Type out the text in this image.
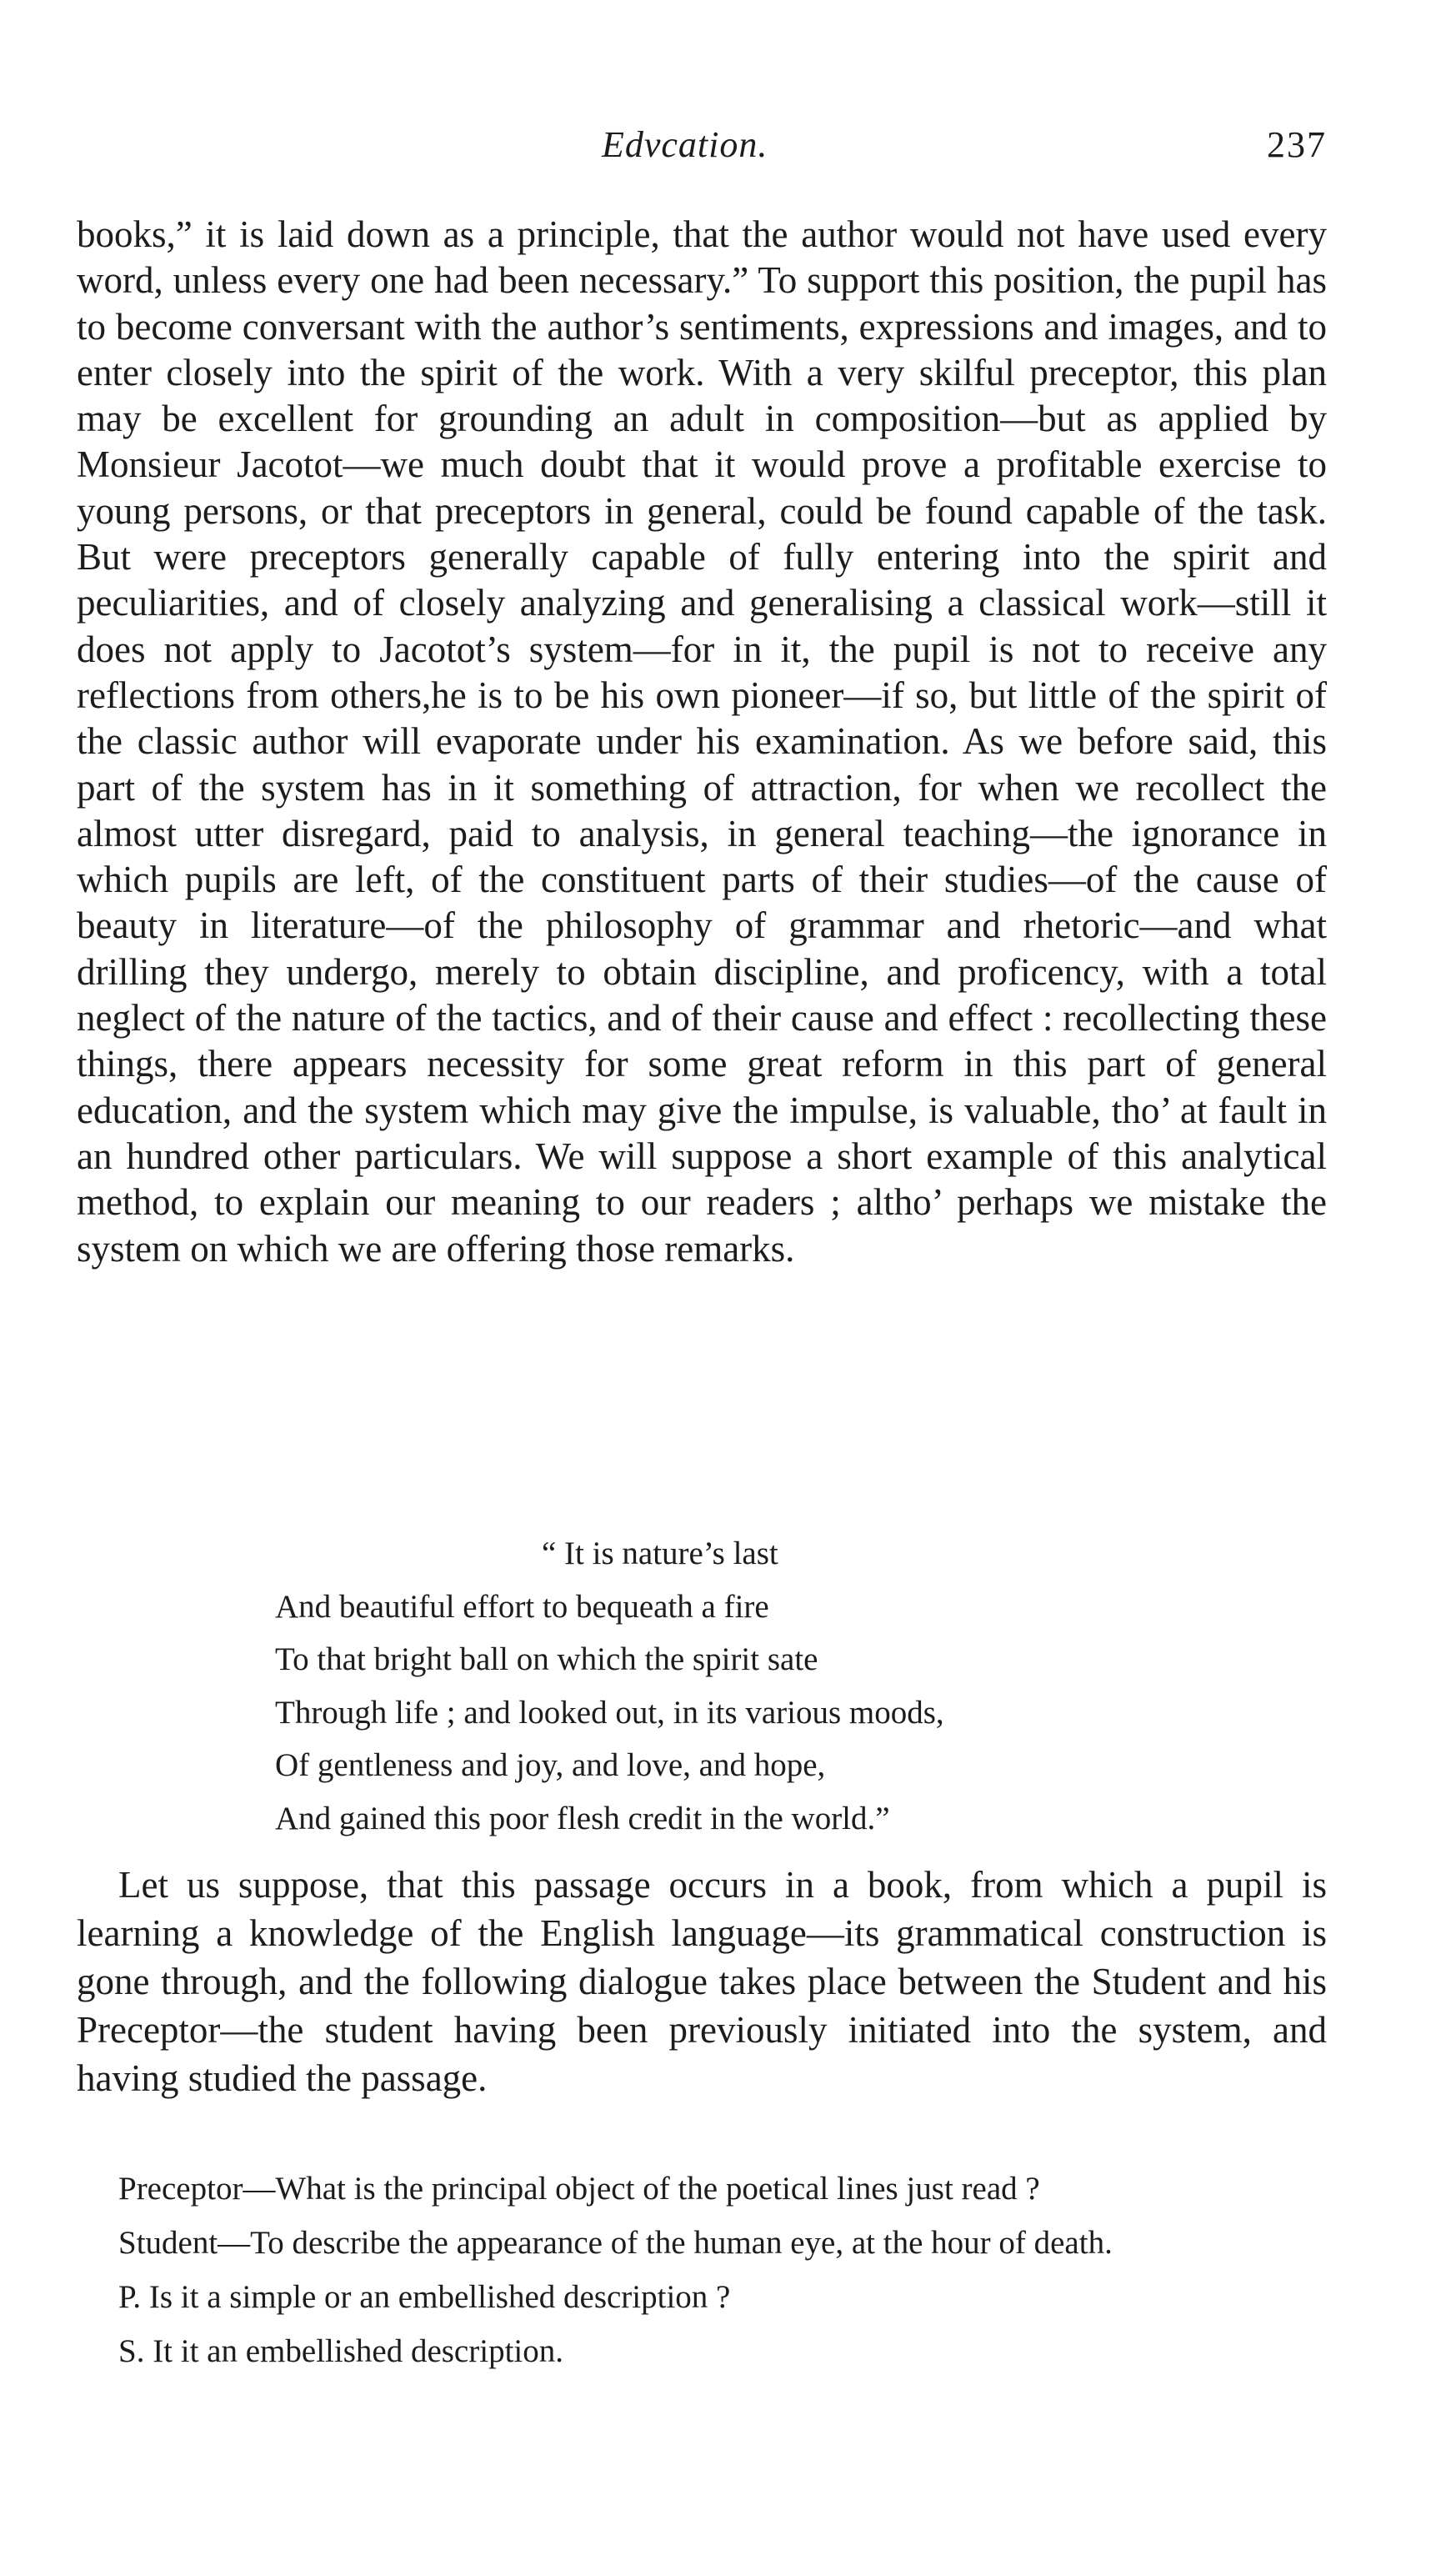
Edvcation.	237

books,” it is laid down as a principle, that the author would not have used every word, unless every one had been necessary.” To support this position, the pupil has to become conversant with the author’s sentiments, expressions and images, and to enter closely into the spirit of the work. With a very skilful preceptor, this plan may be excellent for grounding an adult in composition—but as applied by Monsieur Jacotot—we much doubt that it would prove a profitable exercise to young persons, or that preceptors in general, could be found capable of the task. But were preceptors generally capable of fully entering into the spirit and peculiarities, and of closely analyzing and generalising a classical work—still it does not apply to Jacotot’s system—for in it, the pupil is not to receive any reflections from others,he is to be his own pioneer—if so, but little of the spirit of the classic author will evaporate under his examination. As we before said, this part of the system has in it something of attraction, for when we recollect the almost utter disregard, paid to analysis, in general teaching—the ignorance in which pupils are left, of the constituent parts of their studies—of the cause of beauty in literature—of the philosophy of grammar and rhetoric—and what drilling they undergo, merely to obtain discipline, and proficency, with a total neglect of the nature of the tactics, and of their cause and effect : recollecting these things, there appears necessity for some great reform in this part of general education, and the system which may give the impulse, is valuable, tho’ at fault in an hundred other particulars. We will suppose a short example of this analytical method, to explain our meaning to our readers ; altho’ perhaps we mistake the system on which we are offering those remarks.

“ It is nature’s last
And beautiful effort to bequeath a fire
To that bright ball on which the spirit sate
Through life ; and looked out, in its various moods,
Of gentleness and joy, and love, and hope,
And gained this poor flesh credit in the world.”

Let us suppose, that this passage occurs in a book, from which a pupil is learning a knowledge of the English language—its grammatical construction is gone through, and the following dialogue takes place between the Student and his Preceptor—the student having been previously initiated into the system, and having studied the passage.

Preceptor—What is the principal object of the poetical lines just read ?
Student—To describe the appearance of the human eye, at the hour of death.
P. Is it a simple or an embellished description ?
S. It it an embellished description.
